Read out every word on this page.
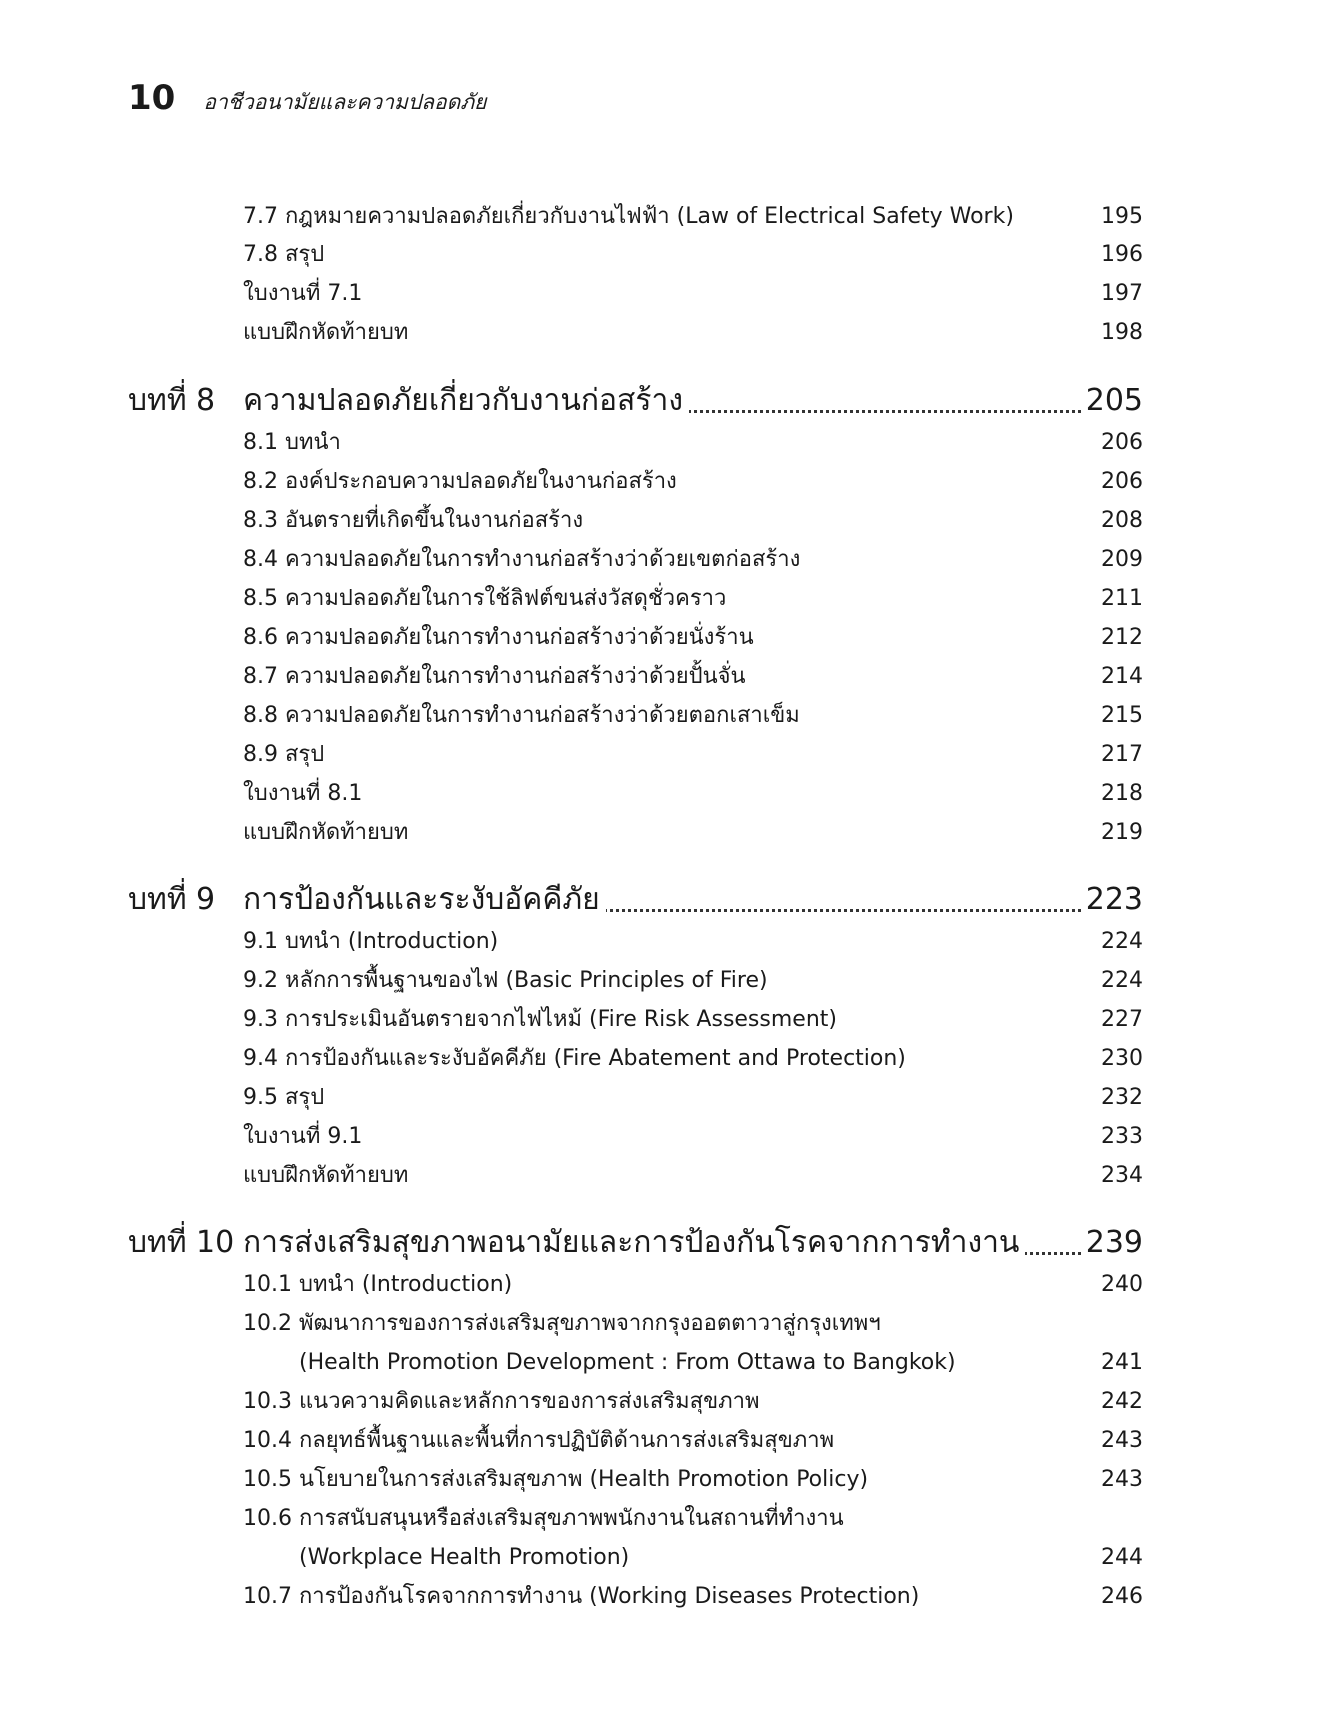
10 อาชีวอนามัยและความปลอดภัย
7.7 กฎหมายความปลอดภัยเกี่ยวกับงานไฟฟ้า (Law of Electrical Safety Work)	195
7.8 สรุป	196
ใบงานที่ 7.1	197
แบบฝึกหัดท้ายบท	198
บทที่ 8 ความปลอดภัยเกี่ยวกับงานก่อสร้าง	205
8.1 บทนำ	206
8.2 องค์ประกอบความปลอดภัยในงานก่อสร้าง	206
8.3 อันตรายที่เกิดขึ้นในงานก่อสร้าง	208
8.4 ความปลอดภัยในการทำงานก่อสร้างว่าด้วยเขตก่อสร้าง	209
8.5 ความปลอดภัยในการใช้ลิฟต์ขนส่งวัสดุชั่วคราว	211
8.6 ความปลอดภัยในการทำงานก่อสร้างว่าด้วยนั่งร้าน	212
8.7 ความปลอดภัยในการทำงานก่อสร้างว่าด้วยปั้นจั่น	214
8.8 ความปลอดภัยในการทำงานก่อสร้างว่าด้วยตอกเสาเข็ม	215
8.9 สรุป	217
ใบงานที่ 8.1	218
แบบฝึกหัดท้ายบท	219
บทที่ 9 การป้องกันและระงับอัคคีภัย	223
9.1 บทนำ (Introduction)	224
9.2 หลักการพื้นฐานของไฟ (Basic Principles of Fire)	224
9.3 การประเมินอันตรายจากไฟไหม้ (Fire Risk Assessment)	227
9.4 การป้องกันและระงับอัคคีภัย (Fire Abatement and Protection)	230
9.5 สรุป	232
ใบงานที่ 9.1	233
แบบฝึกหัดท้ายบท	234
บทที่ 10 การส่งเสริมสุขภาพอนามัยและการป้องกันโรคจากการทำงาน 239
10.1 บทนำ (Introduction)	240
10.2 พัฒนาการของการส่งเสริมสุขภาพจากกรุงออตตาวาสู่กรุงเทพฯ
(Health Promotion Development : From Ottawa to Bangkok)	241
10.3 แนวความคิดและหลักการของการส่งเสริมสุขภาพ	242
10.4 กลยุทธ์พื้นฐานและพื้นที่การปฏิบัติด้านการส่งเสริมสุขภาพ	243
10.5 นโยบายในการส่งเสริมสุขภาพ (Health Promotion Policy)	243
10.6 การสนับสนุนหรือส่งเสริมสุขภาพพนักงานในสถานที่ทำงาน
(Workplace Health Promotion)	244
10.7 การป้องกันโรคจากการทำงาน (Working Diseases Protection)	246
